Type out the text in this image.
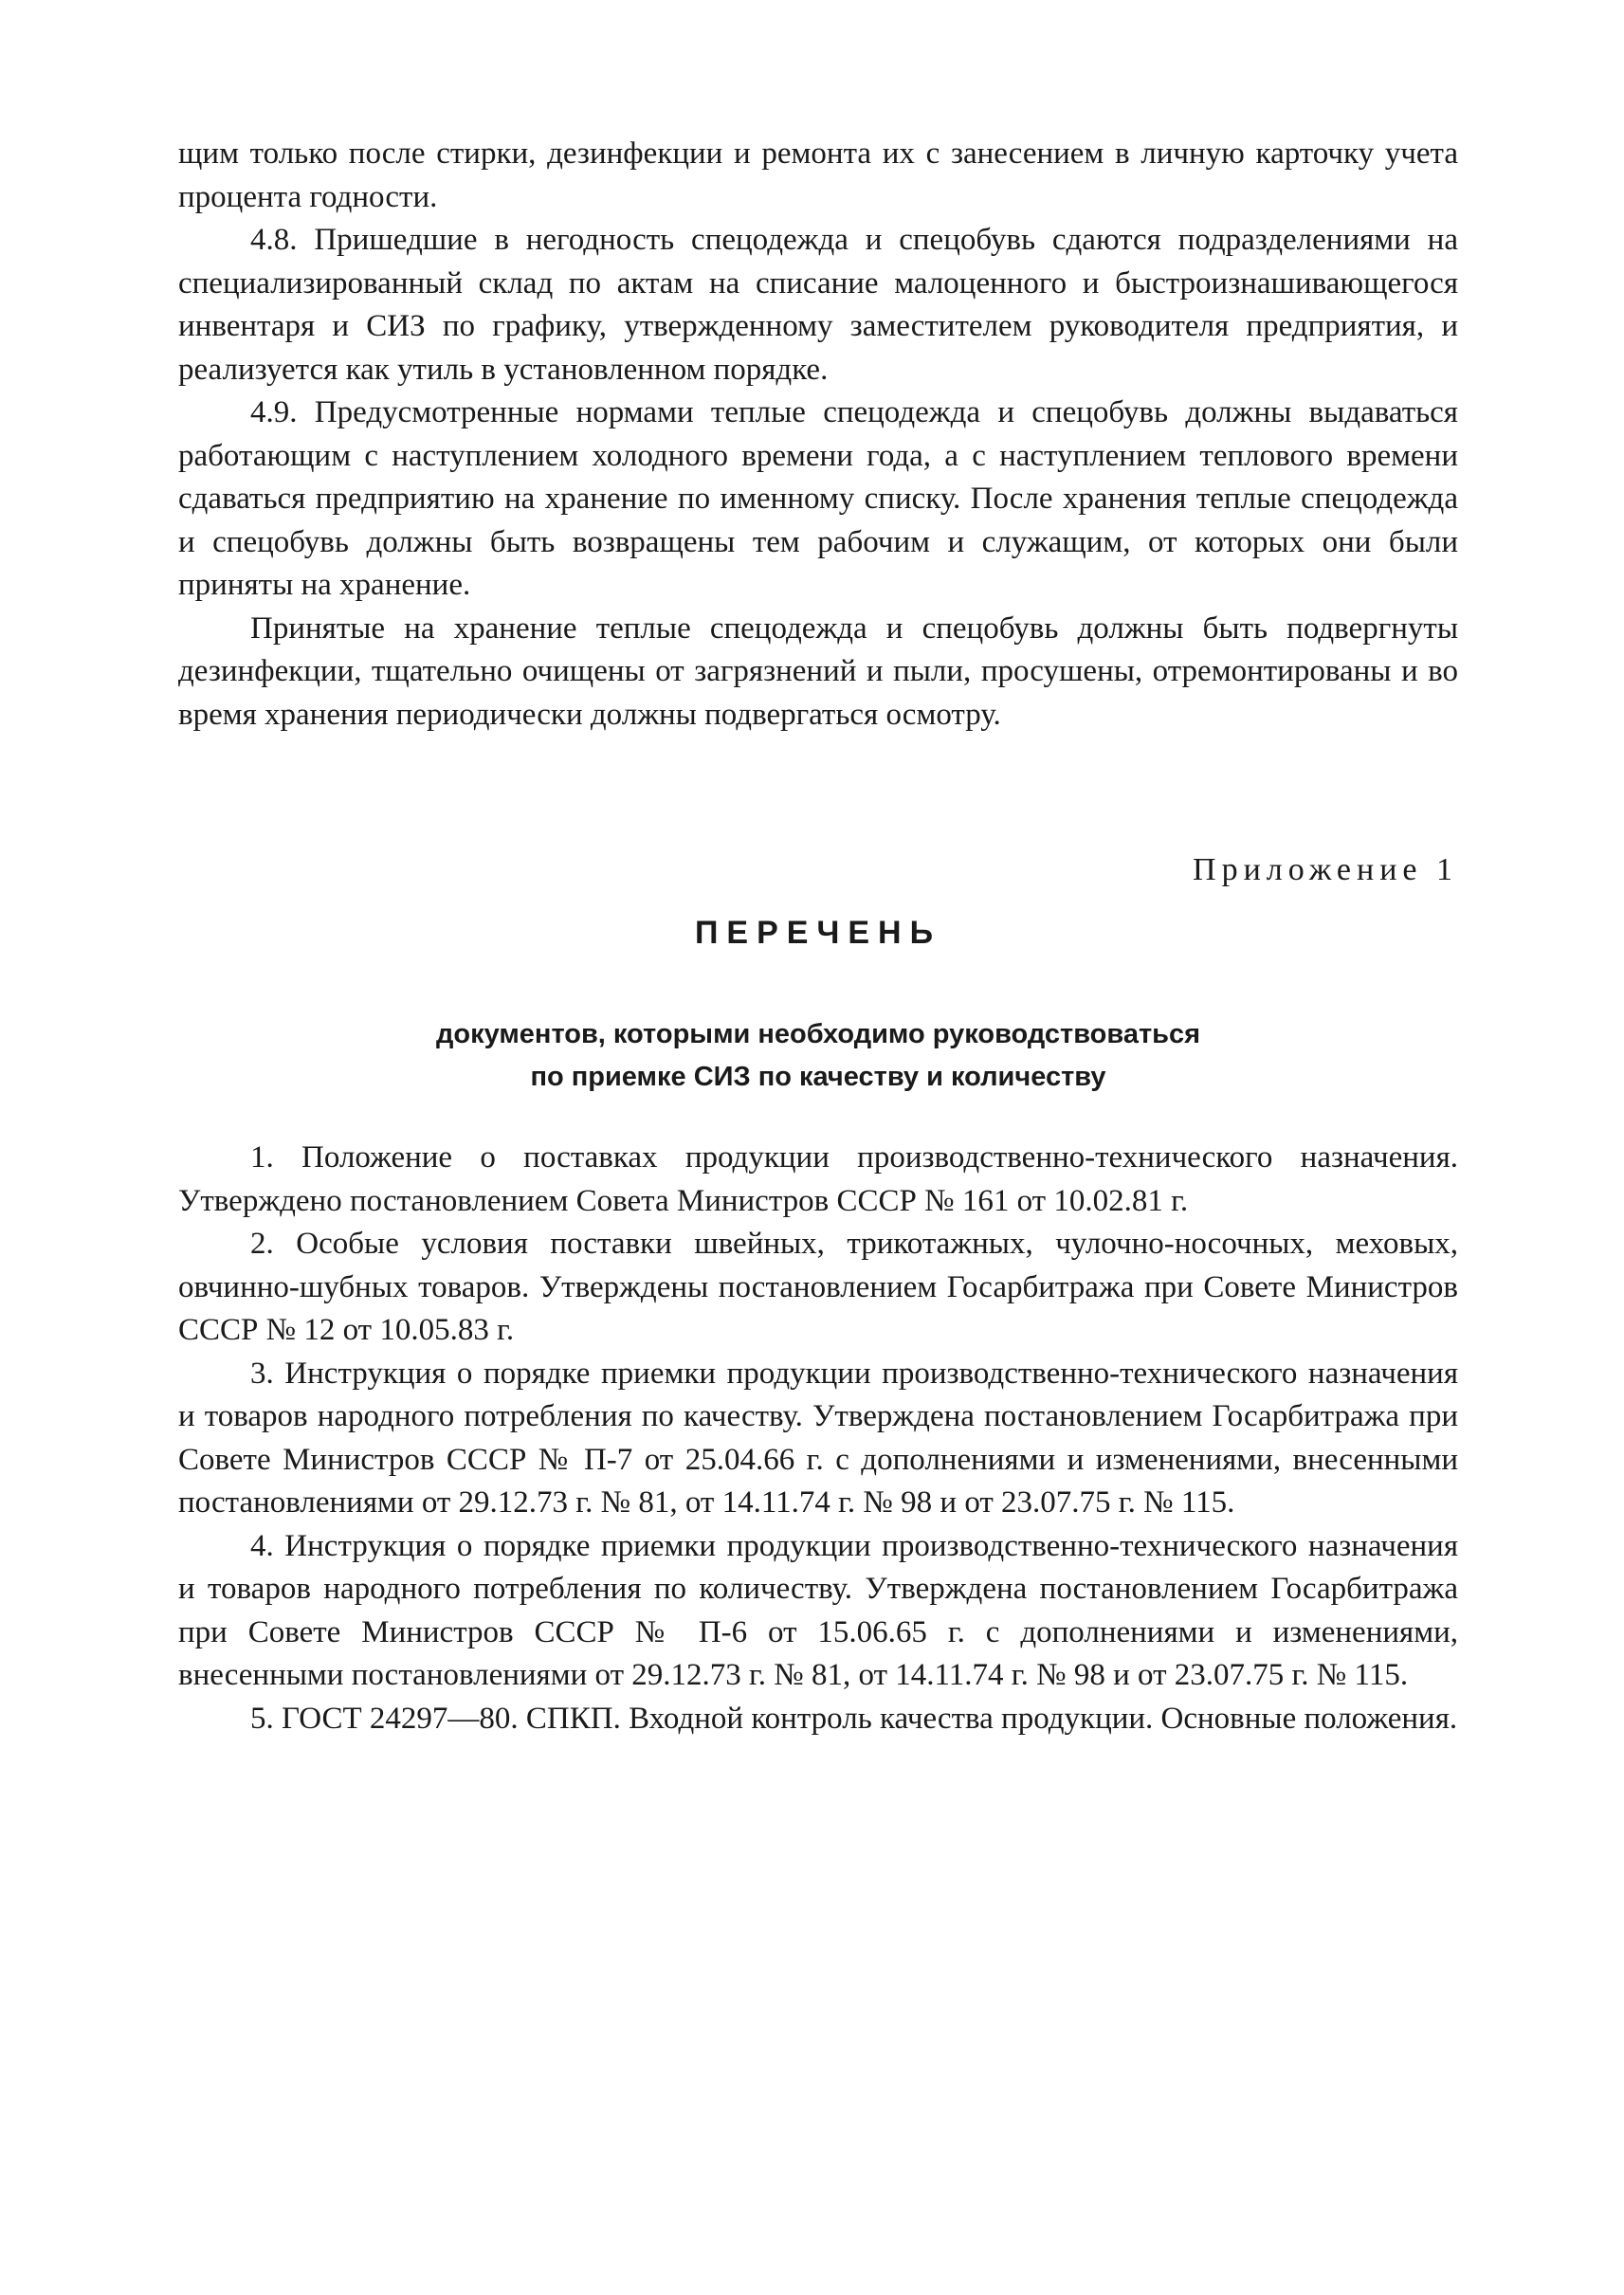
щим только после стирки, дезинфекции и ремонта их с занесением в личную карточку учета процента годности.

4.8. Пришедшие в негодность спецодежда и спецобувь сдаются подразделениями на специализированный склад по актам на списание малоценного и быстроизнашивающегося инвентаря и СИЗ по графику, утвержденному заместителем руководителя предприятия, и реализуется как утиль в установленном порядке.

4.9. Предусмотренные нормами теплые спецодежда и спецобувь должны выдаваться работающим с наступлением холодного времени года, а с наступлением теплового времени сдаваться предприятию на хранение по именному списку. После хранения теплые спецодежда и спецобувь должны быть возвращены тем рабочим и служащим, от которых они были приняты на хранение.

Принятые на хранение теплые спецодежда и спецобувь должны быть подвергнуты дезинфекции, тщательно очищены от загрязнений и пыли, просушены, отремонтированы и во время хранения периодически должны подвергаться осмотру.

Приложение 1
ПЕРЕЧЕНЬ
документов, которыми необходимо руководствоваться
по приемке СИЗ по качеству и количеству

1. Положение о поставках продукции производственно-технического назначения. Утверждено постановлением Совета Министров СССР № 161 от 10.02.81 г.

2. Особые условия поставки швейных, трикотажных, чулочно-носочных, меховых, овчинно-шубных товаров. Утверждены постановлением Госарбитража при Совете Министров СССР № 12 от 10.05.83 г.

3. Инструкция о порядке приемки продукции производственно-технического назначения и товаров народного потребления по качеству. Утверждена постановлением Госарбитража при Совете Министров СССР № П-7 от 25.04.66 г. с дополнениями и изменениями, внесенными постановлениями от 29.12.73 г. № 81, от 14.11.74 г. № 98 и от 23.07.75 г. № 115.

4. Инструкция о порядке приемки продукции производственно-технического назначения и товаров народного потребления по количеству. Утверждена постановлением Госарбитража при Совете Министров СССР № П-6 от 15.06.65 г. с дополнениями и изменениями, внесенными постановлениями от 29.12.73 г. № 81, от 14.11.74 г. № 98 и от 23.07.75 г. № 115.

5. ГОСТ 24297—80. СПКП. Входной контроль качества продукции. Основные положения.
